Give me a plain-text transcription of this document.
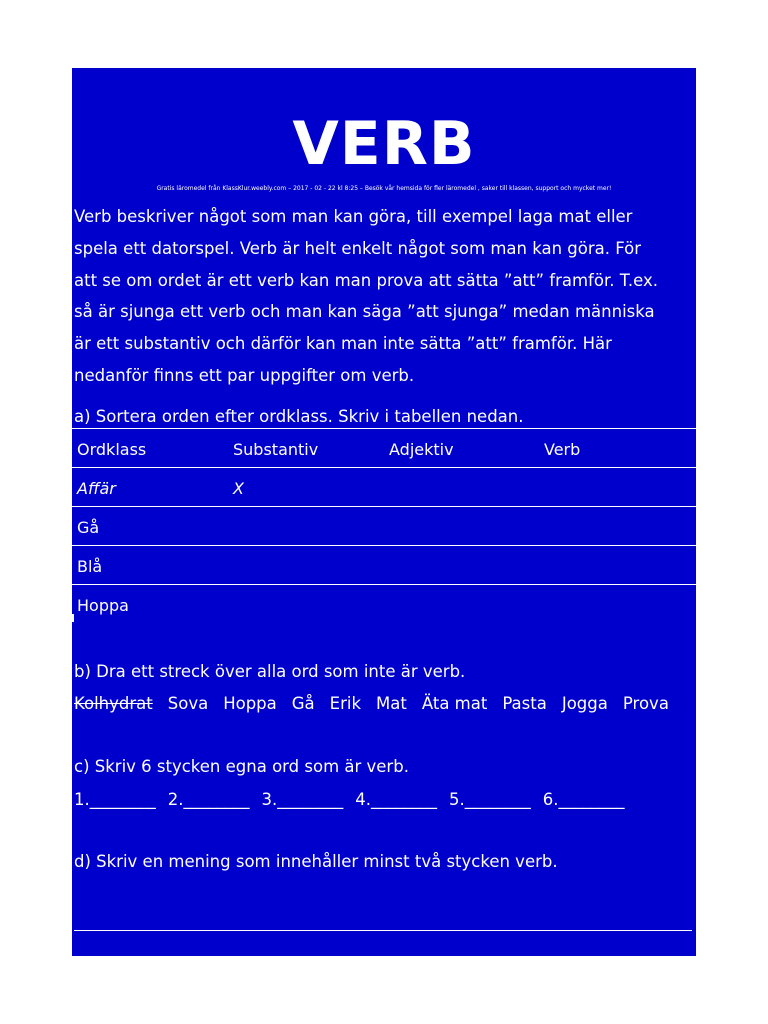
VERB
Gratis läromedel från KlassKlur.weebly.com – 2017 - 02 - 22 kl 8:25 – Besök vår hemsida för fler läromedel , saker till klassen, support och mycket mer!
Verb beskriver något som man kan göra, till exempel laga mat eller
spela ett datorspel. Verb är helt enkelt något som man kan göra. För
att se om ordet är ett verb kan man prova att sätta ”att” framför. T.ex.
så är sjunga ett verb och man kan säga ”att sjunga” medan människa
är ett substantiv och därför kan man inte sätta ”att” framför. Här
nedanför finns ett par uppgifter om verb.
a) Sortera orden efter ordklass. Skriv i tabellen nedan.
Ordklass	Substantiv	Adjektiv	Verb
Affär	X
Gå
Blå
Hoppa
b) Dra ett streck över alla ord som inte är verb.
Kolhydrat Sova Hoppa Gå Erik Mat Äta mat Pasta Jogga Prova
c) Skriv 6 stycken egna ord som är verb.
1.________ 2.________ 3.________ 4.________ 5.________ 6.________
d) Skriv en mening som innehåller minst två stycken verb.
